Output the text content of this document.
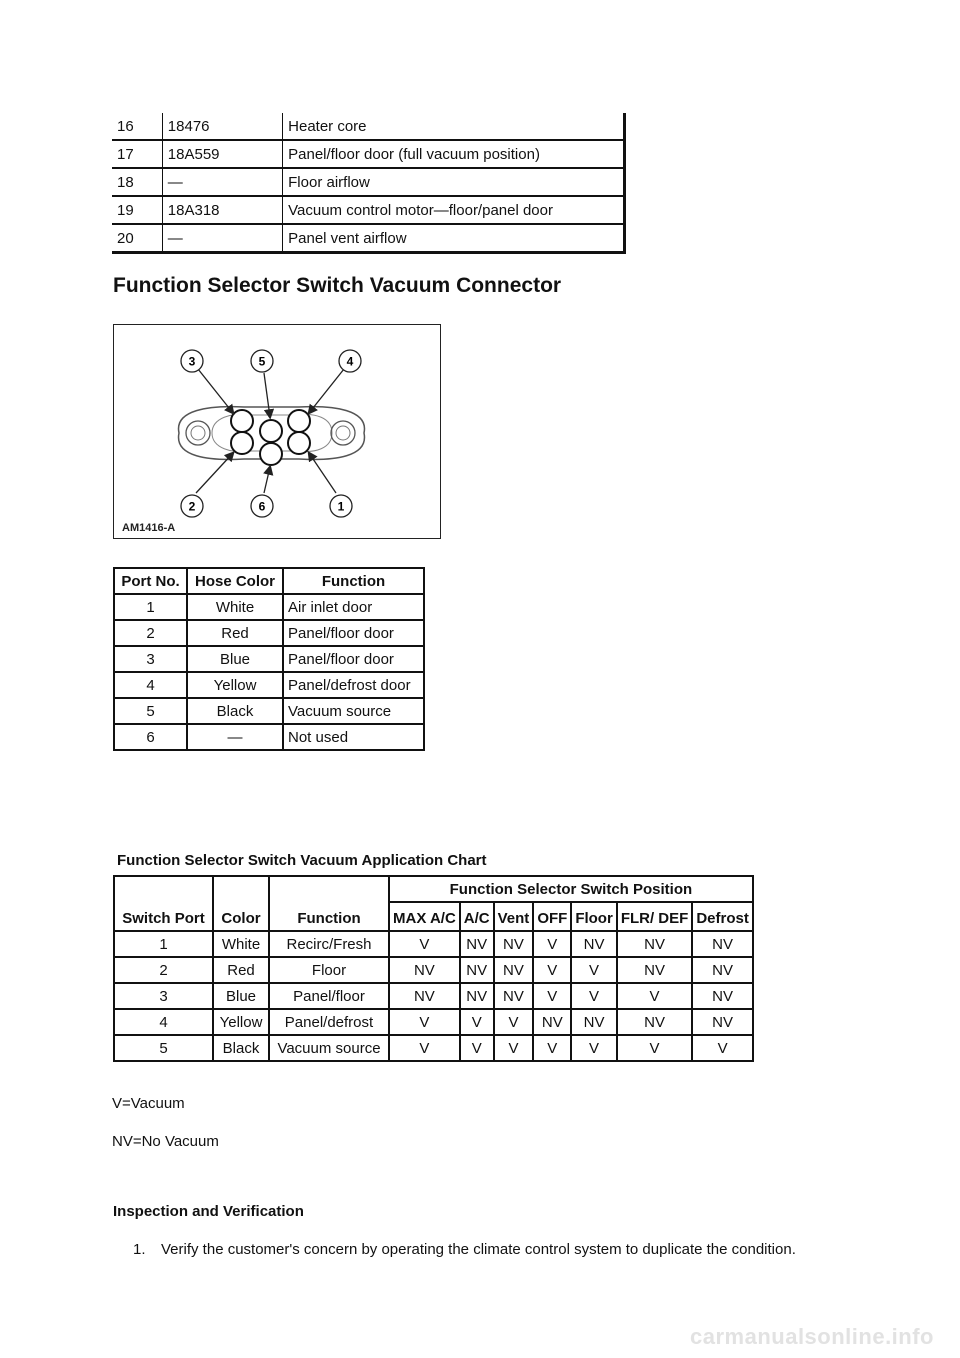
16	18476	Heater core
17	18A559	Panel/floor door (full vacuum position)
18	—	Floor airflow
19	18A318	Vacuum control motor—floor/panel door
20	—	Panel vent airflow
Function Selector Switch Vacuum Connector
3	5	4
2	6	1
AM1416-A
Port No.	Hose Color	Function
1	White	Air inlet door
2	Red	Panel/floor door
3	Blue	Panel/floor door
4	Yellow	Panel/defrost door
5	Black	Vacuum source
6	—	Not used
Function Selector Switch Vacuum Application Chart
Switch Port	Color	Function	Function Selector Switch Position						
			MAX A/C	A/C	Vent	OFF	Floor	FLR/ DEF	Defrost
1	White	Recirc/Fresh	V	NV	NV	V	NV	NV	NV
2	Red	Floor	NV	NV	NV	V	V	NV	NV
3	Blue	Panel/floor	NV	NV	NV	V	V	V	NV
4	Yellow	Panel/defrost	V	V	V	NV	NV	NV	NV
5	Black	Vacuum source	V	V	V	V	V	V	V
V=Vacuum
NV=No Vacuum
Inspection and Verification
1. Verify the customer's concern by operating the climate control system to duplicate the condition.
carmanualsonline.info
